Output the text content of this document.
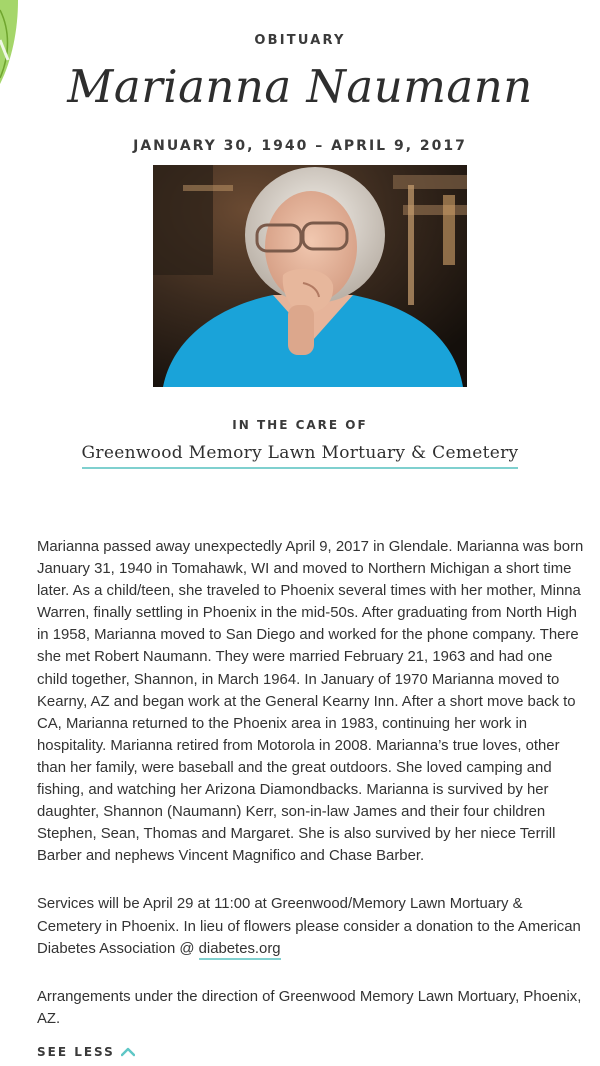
OBITUARY
Marianna Naumann
JANUARY 30, 1940 – APRIL 9, 2017
IN THE CARE OF
Greenwood Memory Lawn Mortuary & Cemetery

Marianna passed away unexpectedly April 9, 2017 in Glendale. Marianna was born January 31, 1940 in Tomahawk, WI and moved to Northern Michigan a short time later. As a child/teen, she traveled to Phoenix several times with her mother, Minna Warren, finally settling in Phoenix in the mid-50s. After graduating from North High in 1958, Marianna moved to San Diego and worked for the phone company. There she met Robert Naumann. They were married February 21, 1963 and had one child together, Shannon, in March 1964. In January of 1970 Marianna moved to Kearny, AZ and began work at the General Kearny Inn. After a short move back to CA, Marianna returned to the Phoenix area in 1983, continuing her work in hospitality. Marianna retired from Motorola in 2008. Marianna’s true loves, other than her family, were baseball and the great outdoors. She loved camping and fishing, and watching her Arizona Diamondbacks. Marianna is survived by her daughter, Shannon (Naumann) Kerr, son-in-law James and their four children Stephen, Sean, Thomas and Margaret. She is also survived by her niece Terrill Barber and nephews Vincent Magnifico and Chase Barber.

Services will be April 29 at 11:00 at Greenwood/Memory Lawn Mortuary & Cemetery in Phoenix. In lieu of flowers please consider a donation to the American Diabetes Association @ diabetes.org

Arrangements under the direction of Greenwood Memory Lawn Mortuary, Phoenix, AZ.

SEE LESS
